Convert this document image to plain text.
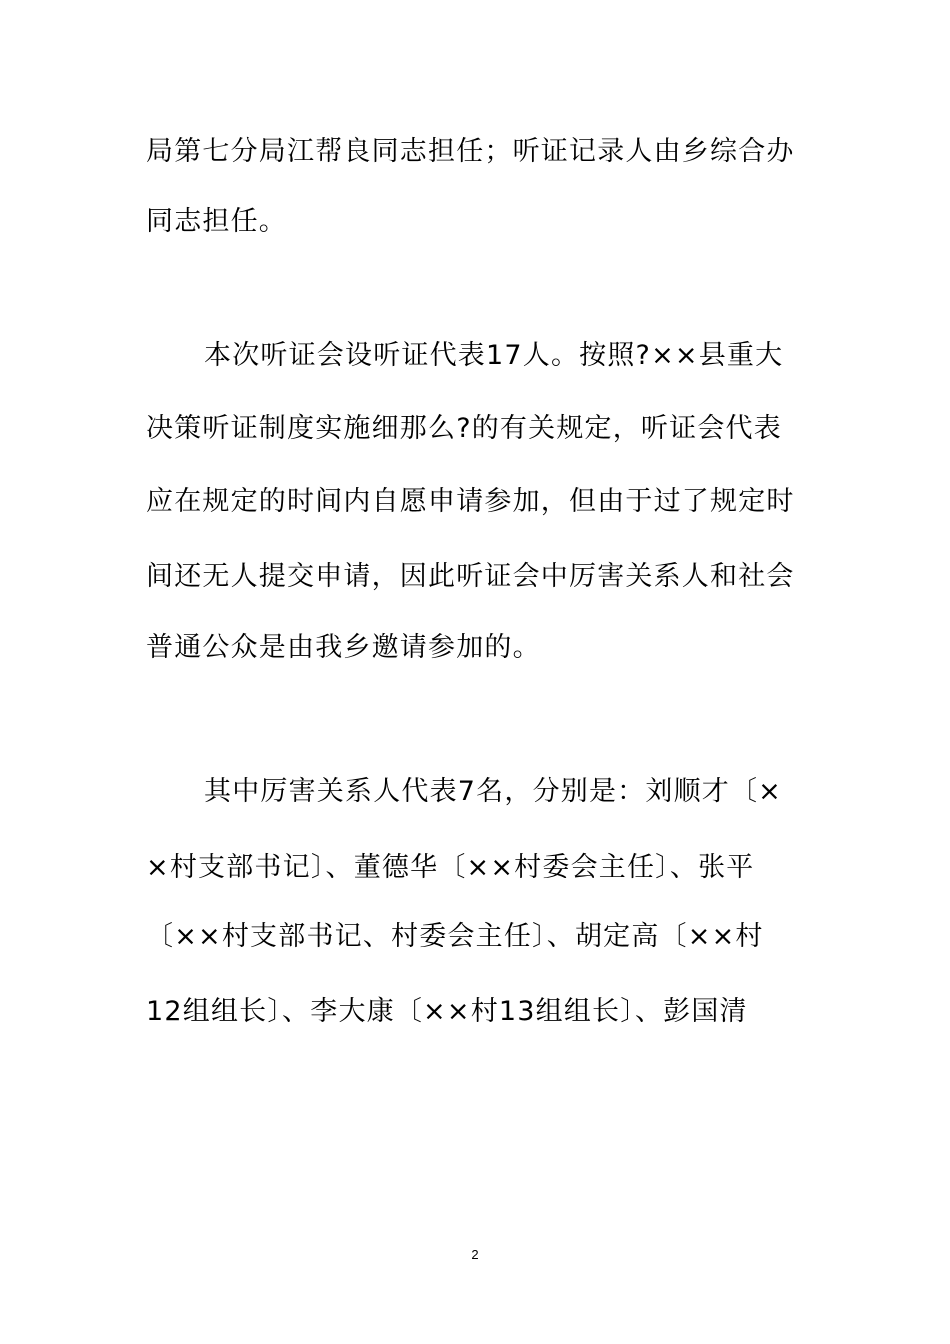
局第七分局江帮良同志担任；听证记录人由乡综合办
同志担任。
本次听证会设听证代表17人。按照?××县重大
决策听证制度实施细那么?的有关规定，听证会代表
应在规定的时间内自愿申请参加，但由于过了规定时
间还无人提交申请，因此听证会中厉害关系人和社会
普通公众是由我乡邀请参加的。
其中厉害关系人代表7名，分别是：刘顺才〔×
×村支部书记〕、董德华〔××村委会主任〕、张平
〔××村支部书记、村委会主任〕、胡定高〔××村
12组组长〕、李大康〔××村13组组长〕、彭国清
2
